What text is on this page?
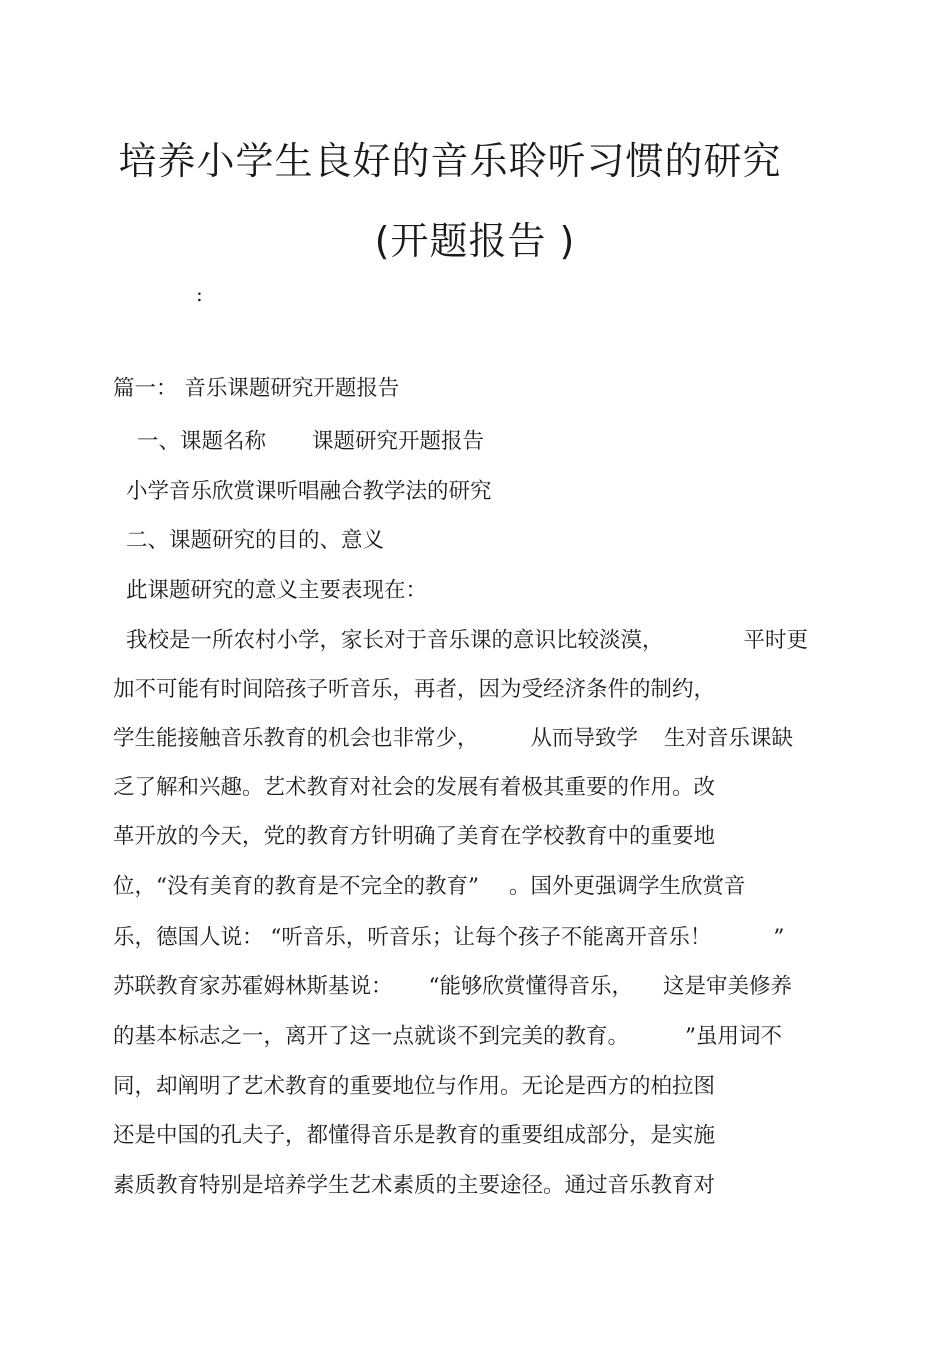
培养小学生良好的音乐聆听习惯的研究
(开题报告 )
:
篇一： 音乐课题研究开题报告
一、课题名称 课题研究开题报告
小学音乐欣赏课听唱融合教学法的研究
二、课题研究的目的、意义
此课题研究的意义主要表现在：
我校是一所农村小学，家长对于音乐课的意识比较淡漠，	平时更
加不可能有时间陪孩子听音乐，再者，因为受经济条件的制约，
学生能接触音乐教育的机会也非常少， 从而导致学 生对音乐课缺
乏了解和兴趣。艺术教育对社会的发展有着极其重要的作用。改
革开放的今天，党的教育方针明确了美育在学校教育中的重要地
位，“没有美育的教育是不完全的教育” 。国外更强调学生欣赏音
乐，德国人说： “听音乐，听音乐；让每个孩子不能离开音乐！	”
苏联教育家苏霍姆林斯基说： “能够欣赏懂得音乐， 这是审美修养
的基本标志之一，离开了这一点就谈不到完美的教育。	”虽用词不
同，却阐明了艺术教育的重要地位与作用。无论是西方的柏拉图
还是中国的孔夫子，都懂得音乐是教育的重要组成部分，是实施
素质教育特别是培养学生艺术素质的主要途径。通过音乐教育对
